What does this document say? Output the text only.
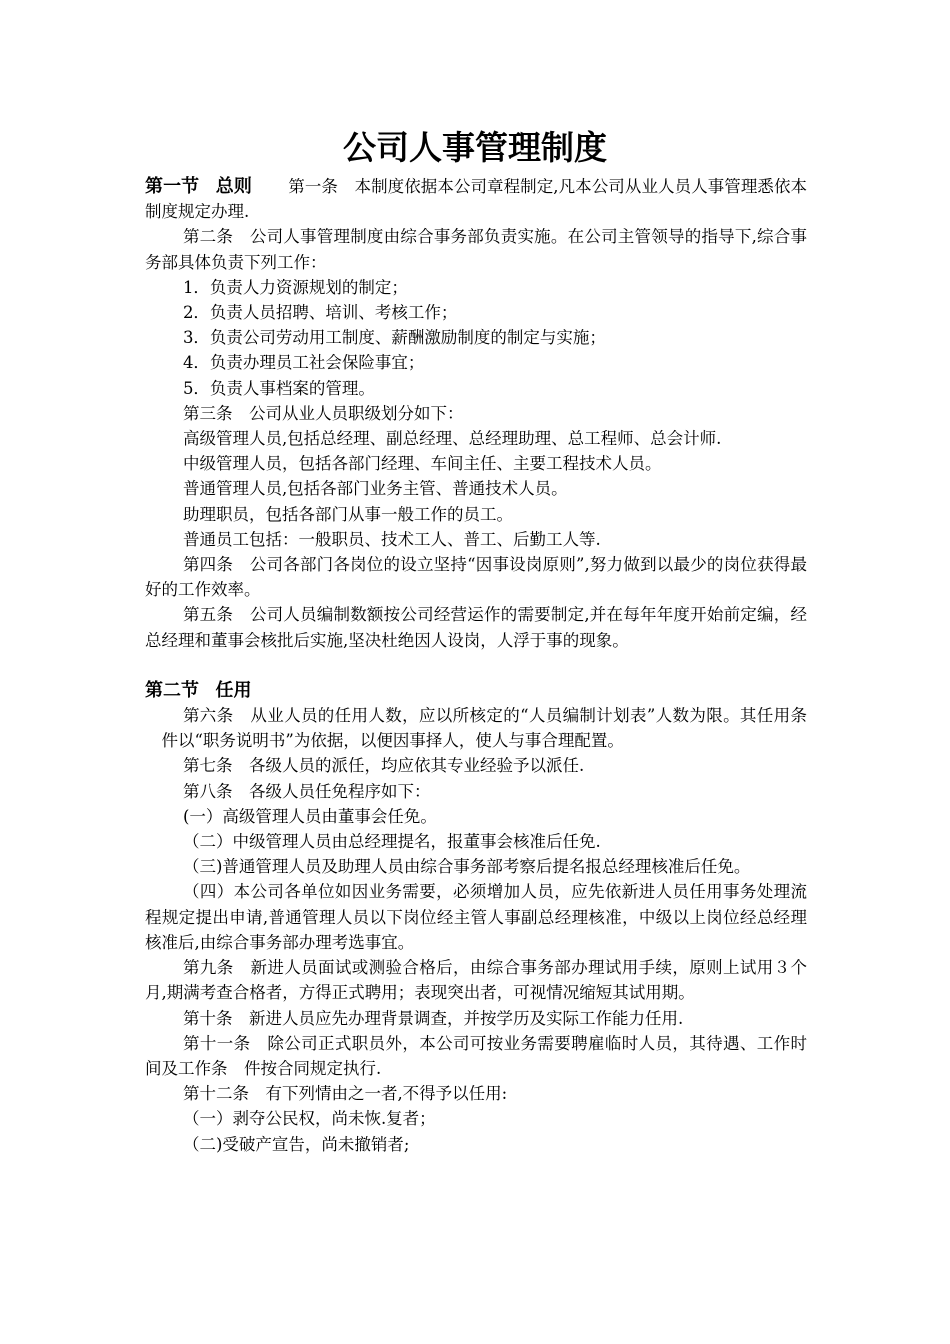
公司人事管理制度

第一节 总则 第一条 本制度依据本公司章程制定,凡本公司从业人员人事管理悉依本制度规定办理.

第二条 公司人事管理制度由综合事务部负责实施。在公司主管领导的指导下,综合事务部具体负责下列工作：

1．负责人力资源规划的制定；

2．负责人员招聘、培训、考核工作；

3．负责公司劳动用工制度、薪酬激励制度的制定与实施；

4．负责办理员工社会保险事宜；

5．负责人事档案的管理。

第三条 公司从业人员职级划分如下：

高级管理人员,包括总经理、副总经理、总经理助理、总工程师、总会计师.

中级管理人员，包括各部门经理、车间主任、主要工程技术人员。

普通管理人员,包括各部门业务主管、普通技术人员。

助理职员，包括各部门从事一般工作的员工。

普通员工包括：一般职员、技术工人、普工、后勤工人等.

第四条 公司各部门各岗位的设立坚持“因事设岗原则”,努力做到以最少的岗位获得最好的工作效率。

第五条 公司人员编制数额按公司经营运作的需要制定,并在每年年度开始前定编，经总经理和董事会核批后实施,坚决杜绝因人设岗，人浮于事的现象。

第二节 任用

第六条 从业人员的任用人数，应以所核定的“人员编制计划表”人数为限。其任用条件以“职务说明书”为依据，以便因事择人，使人与事合理配置。

第七条 各级人员的派任，均应依其专业经验予以派任.

第八条 各级人员任免程序如下：

(一）高级管理人员由董事会任免。

（二）中级管理人员由总经理提名，报董事会核准后任免.

（三)普通管理人员及助理人员由综合事务部考察后提名报总经理核准后任免。

（四）本公司各单位如因业务需要，必须增加人员，应先依新进人员任用事务处理流程规定提出申请,普通管理人员以下岗位经主管人事副总经理核准，中级以上岗位经总经理核准后,由综合事务部办理考选事宜。

第九条 新进人员面试或测验合格后，由综合事务部办理试用手续，原则上试用３个月,期满考查合格者，方得正式聘用；表现突出者，可视情况缩短其试用期。

第十条 新进人员应先办理背景调查，并按学历及实际工作能力任用.

第十一条 除公司正式职员外，本公司可按业务需要聘雇临时人员，其待遇、工作时间及工作条 件按合同规定执行.

第十二条 有下列情由之一者,不得予以任用:

（一）剥夺公民权，尚未恢.复者；

（二)受破产宣告，尚未撤销者;
